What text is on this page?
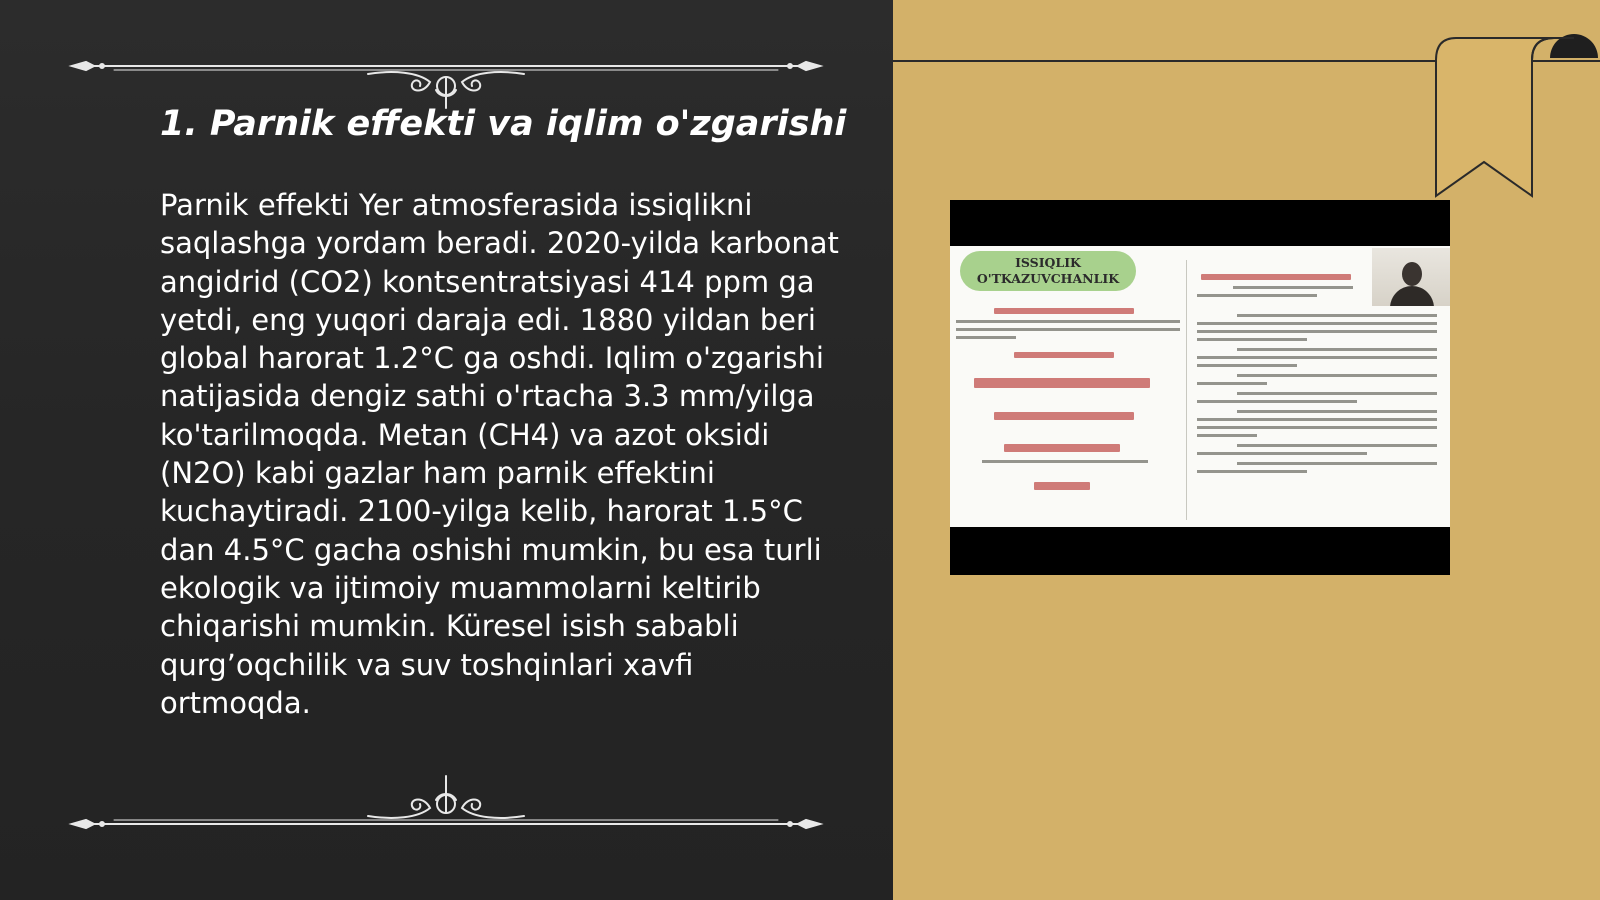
1. Parnik effekti va iqlim o'zgarishi

Parnik effekti Yer atmosferasida issiqlikni saqlashga yordam beradi. 2020-yilda karbonat angidrid (CO2) kontsentratsiyasi 414 ppm ga yetdi, eng yuqori daraja edi. 1880 yildan beri global harorat 1.2°C ga oshdi. Iqlim o'zgarishi natijasida dengiz sathi o'rtacha 3.3 mm/yilga ko'tarilmoqda. Metan (CH4) va azot oksidi (N2O) kabi gazlar ham parnik effektini kuchaytiradi. 2100-yilga kelib, harorat 1.5°C dan 4.5°C gacha oshishi mumkin, bu esa turli ekologik va ijtimoiy muammolarni keltirib chiqarishi mumkin. Küresel isish sababli qurg’oqchilik va suv toshqinlari xavfi ortmoqda.

ISSIQLIK O'TKAZUVCHANLIK
